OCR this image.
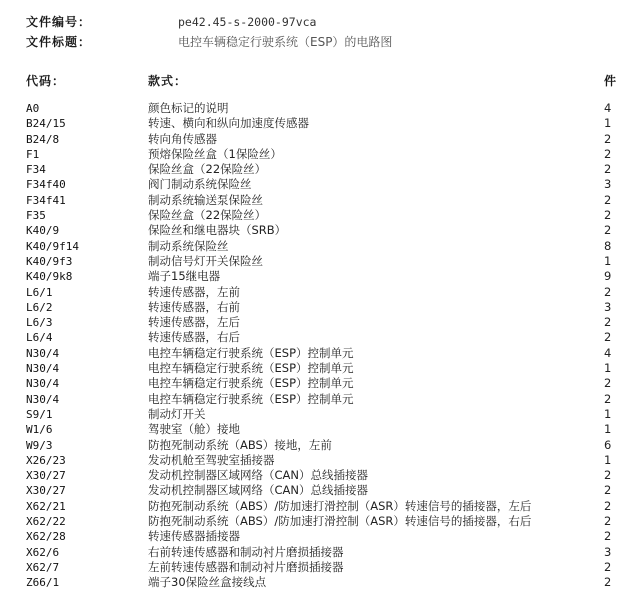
文件编号：	pe42.45-s-2000-97vca
文件标题：	电控车辆稳定行驶系统（ESP）的电路图
代码：	款式：	件
A0	颜色标记的说明	4
B24/15	转速、横向和纵向加速度传感器	1
B24/8	转向角传感器	2
F1	预熔保险丝盒（1保险丝）	2
F34	保险丝盒（22保险丝）	2
F34f40	阀门制动系统保险丝	3
F34f41	制动系统输送泵保险丝	2
F35	保险丝盒（22保险丝）	2
K40/9	保险丝和继电器块（SRB）	2
K40/9f14	制动系统保险丝	8
K40/9f3	制动信号灯开关保险丝	1
K40/9k8	端子15继电器	9
L6/1	转速传感器，左前	2
L6/2	转速传感器，右前	3
L6/3	转速传感器，左后	2
L6/4	转速传感器，右后	2
N30/4	电控车辆稳定行驶系统（ESP）控制单元	4
N30/4	电控车辆稳定行驶系统（ESP）控制单元	1
N30/4	电控车辆稳定行驶系统（ESP）控制单元	2
N30/4	电控车辆稳定行驶系统（ESP）控制单元	2
S9/1	制动灯开关	1
W1/6	驾驶室（舱）接地	1
W9/3	防抱死制动系统（ABS）接地，左前	6
X26/23	发动机舱至驾驶室插接器	1
X30/27	发动机控制器区域网络（CAN）总线插接器	2
X30/27	发动机控制器区域网络（CAN）总线插接器	2
X62/21	防抱死制动系统（ABS）/防加速打滑控制（ASR）转速信号的插接器，左后	2
X62/22	防抱死制动系统（ABS）/防加速打滑控制（ASR）转速信号的插接器，右后	2
X62/28	转速传感器插接器	2
X62/6	右前转速传感器和制动衬片磨损插接器	3
X62/7	左前转速传感器和制动衬片磨损插接器	2
Z66/1	端子30保险丝盒接线点	2
